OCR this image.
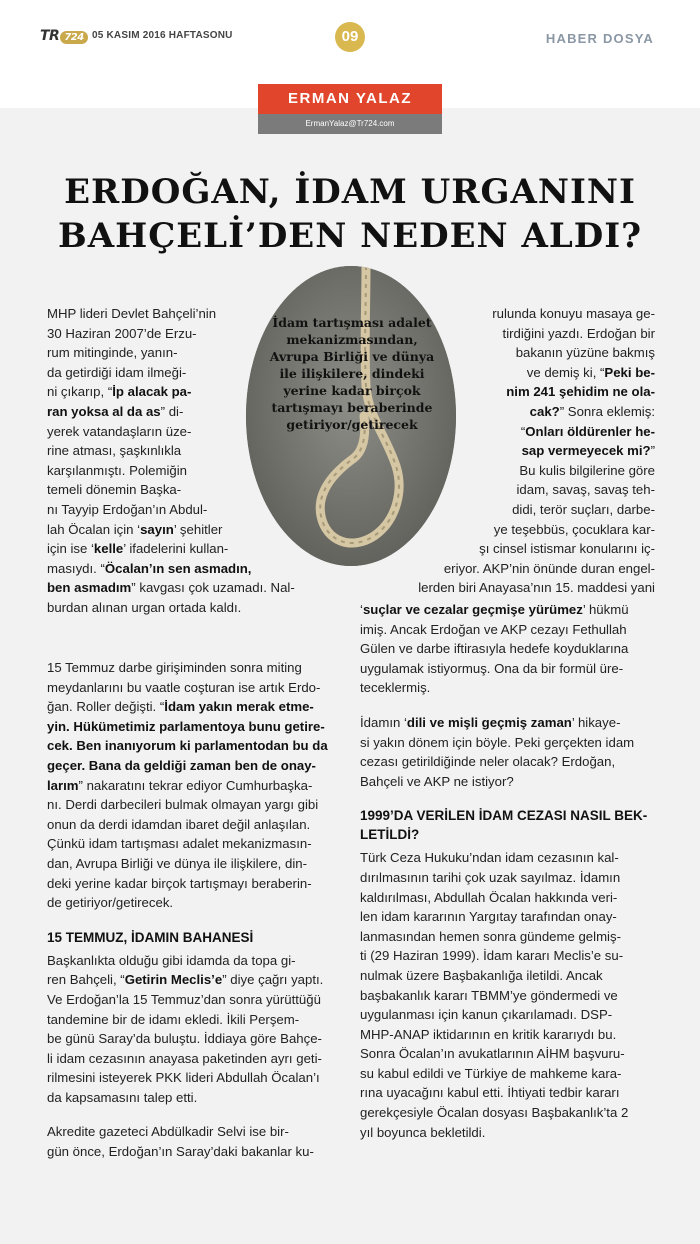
TR 724 05 KASIM 2016 HAFTASONU	09	HABER DOSYA
ERMAN YALAZ
ErmanYalaz@Tr724.com
ERDOĞAN, İDAM URGANINI
BAHÇELİ’DEN NEDEN ALDI?
İdam tartışması adalet mekanizmasından, Avrupa Birliği ve dünya ile ilişkilere, dindeki yerine kadar birçok tartışmayı beraberinde getiriyor/getirecek
MHP lideri Devlet Bahçeli’nin
30 Haziran 2007’de Erzu-
rum mitinginde, yanın-
da getirdiği idam ilmeği-
ni çıkarıp, “İp alacak pa-
ran yoksa al da as” di-
yerek vatandaşların üze-
rine atması, şaşkınlıkla
karşılanmıştı. Polemiğin
temeli dönemin Başka-
nı Tayyip Erdoğan’ın Abdul-
lah Öcalan için ‘sayın’ şehitler
için ise ‘kelle’ ifadelerini kullan-
masıydı. “Öcalan’ın sen asmadın,
ben asmadım” kavgası çok uzamadı. Nal-
burdan alınan urgan ortada kaldı.
rulunda konuyu masaya ge-
tirdiğini yazdı. Erdoğan bir
bakanın yüzüne bakmış
ve demiş ki, “Peki be-
nim 241 şehidim ne ola-
cak?” Sonra eklemiş:
“Onları öldürenler he-
sap vermeyecek mi?”
Bu kulis bilgilerine göre
idam, savaş, savaş teh-
didi, terör suçları, darbe-
ye teşebbüs, çocuklara kar-
şı cinsel istismar konularını iç-
eriyor. AKP’nin önünde duran engel-
lerden biri Anayasa’nın 15. maddesi yani

15 Temmuz darbe girişiminden sonra miting
meydanlarını bu vaatle coşturan ise artık Erdo-
ğan. Roller değişti. “İdam yakın merak etme-
yin. Hükümetimiz parlamentoya bunu getire-
cek. Ben inanıyorum ki parlamentodan bu da
geçer. Bana da geldiği zaman ben de onay-
larım” nakaratını tekrar ediyor Cumhurbaşka-
nı. Derdi darbecileri bulmak olmayan yargı gibi
onun da derdi idamdan ibaret değil anlaşılan.
Çünkü idam tartışması adalet mekanizmasın-
dan, Avrupa Birliği ve dünya ile ilişkilere, din-
deki yerine kadar birçok tartışmayı beraberin-
de getiriyor/getirecek.

15 TEMMUZ, İDAMIN BAHANESİ

Başkanlıkta olduğu gibi idamda da topa gi-
ren Bahçeli, “Getirin Meclis’e” diye çağrı yaptı.
Ve Erdoğan’la 15 Temmuz’dan sonra yürüttüğü
tandemine bir de idamı ekledi. İkili Perşem-
be günü Saray’da buluştu. İddiaya göre Bahçe-
li idam cezasının anayasa paketinden ayrı geti-
rilmesini isteyerek PKK lideri Abdullah Öcalan’ı
da kapsamasını talep etti.

Akredite gazeteci Abdülkadir Selvi ise bir-
gün önce, Erdoğan’ın Saray’daki bakanlar ku-

‘suçlar ve cezalar geçmişe yürümez’ hükmü
imiş. Ancak Erdoğan ve AKP cezayı Fethullah
Gülen ve darbe iftirasıyla hedefe koyduklarına
uygulamak istiyormuş. Ona da bir formül üre-
teceklermiş.

İdamın ‘dili ve mişli geçmiş zaman’ hikaye-
si yakın dönem için böyle. Peki gerçekten idam
cezası getirildiğinde neler olacak? Erdoğan,
Bahçeli ve AKP ne istiyor?

1999’DA VERİLEN İDAM CEZASI NASIL BEK-
LETİLDİ?

Türk Ceza Hukuku’ndan idam cezasının kal-
dırılmasının tarihi çok uzak sayılmaz. İdamın
kaldırılması, Abdullah Öcalan hakkında veri-
len idam kararının Yargıtay tarafından onay-
lanmasından hemen sonra gündeme gelmiş-
ti (29 Haziran 1999). İdam kararı Meclis’e su-
nulmak üzere Başbakanlığa iletildi. Ancak
başbakanlık kararı TBMM’ye göndermedi ve
uygulanması için kanun çıkarılamadı. DSP-
MHP-ANAP iktidarının en kritik kararıydı bu.
Sonra Öcalan’ın avukatlarının AİHM başvuru-
su kabul edildi ve Türkiye de mahkeme kara-
rına uyacağını kabul etti. İhtiyati tedbir kararı
gerekçesiyle Öcalan dosyası Başbakanlık’ta 2
yıl boyunca bekletildi.
